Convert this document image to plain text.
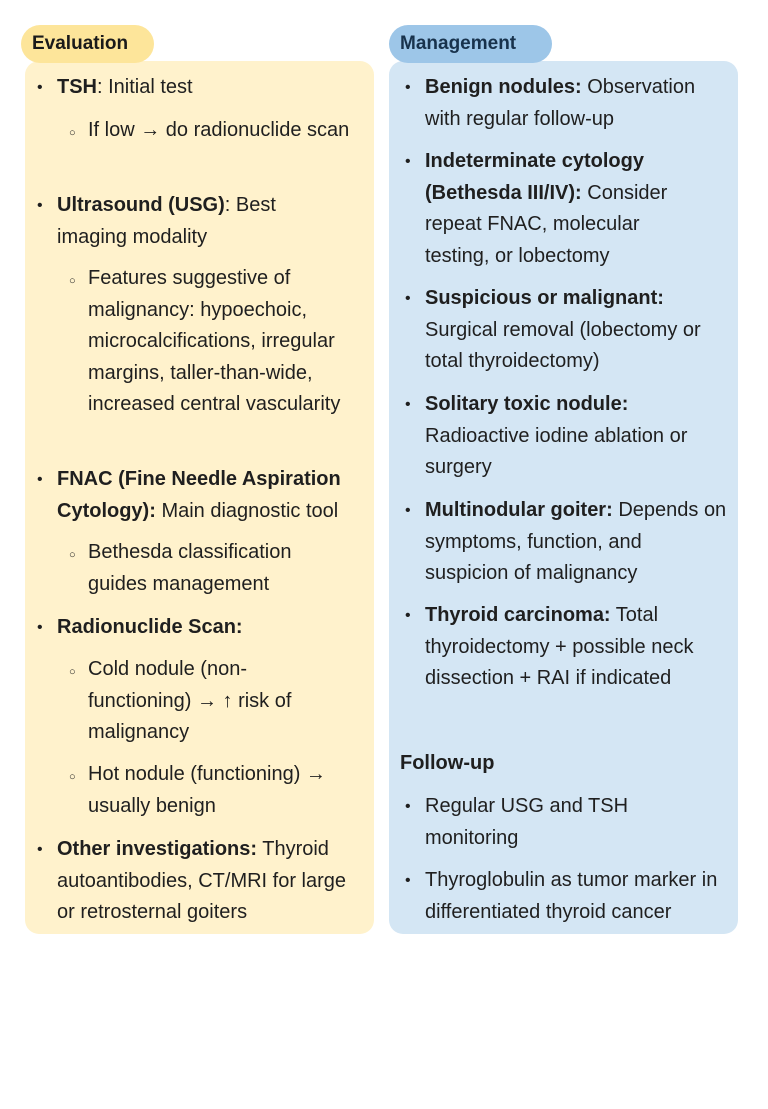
Evaluation	Management
• TSH: Initial test
○ If low → do radionuclide scan
• Ultrasound (USG): Best imaging modality
○ Features suggestive of malignancy: hypoechoic, microcalcifications, irregular margins, taller-than-wide, increased central vascularity
• FNAC (Fine Needle Aspiration Cytology): Main diagnostic tool
○ Bethesda classification guides management
• Radionuclide Scan:
○ Cold nodule (non-functioning) → ↑ risk of malignancy
○ Hot nodule (functioning) → usually benign
• Other investigations: Thyroid autoantibodies, CT/MRI for large or retrosternal goiters
• Benign nodules: Observation with regular follow-up
• Indeterminate cytology (Bethesda III/IV): Consider repeat FNAC, molecular testing, or lobectomy
• Suspicious or malignant: Surgical removal (lobectomy or total thyroidectomy)
• Solitary toxic nodule: Radioactive iodine ablation or surgery
• Multinodular goiter: Depends on symptoms, function, and suspicion of malignancy
• Thyroid carcinoma: Total thyroidectomy + possible neck dissection + RAI if indicated
Follow-up
• Regular USG and TSH monitoring
• Thyroglobulin as tumor marker in differentiated thyroid cancer
